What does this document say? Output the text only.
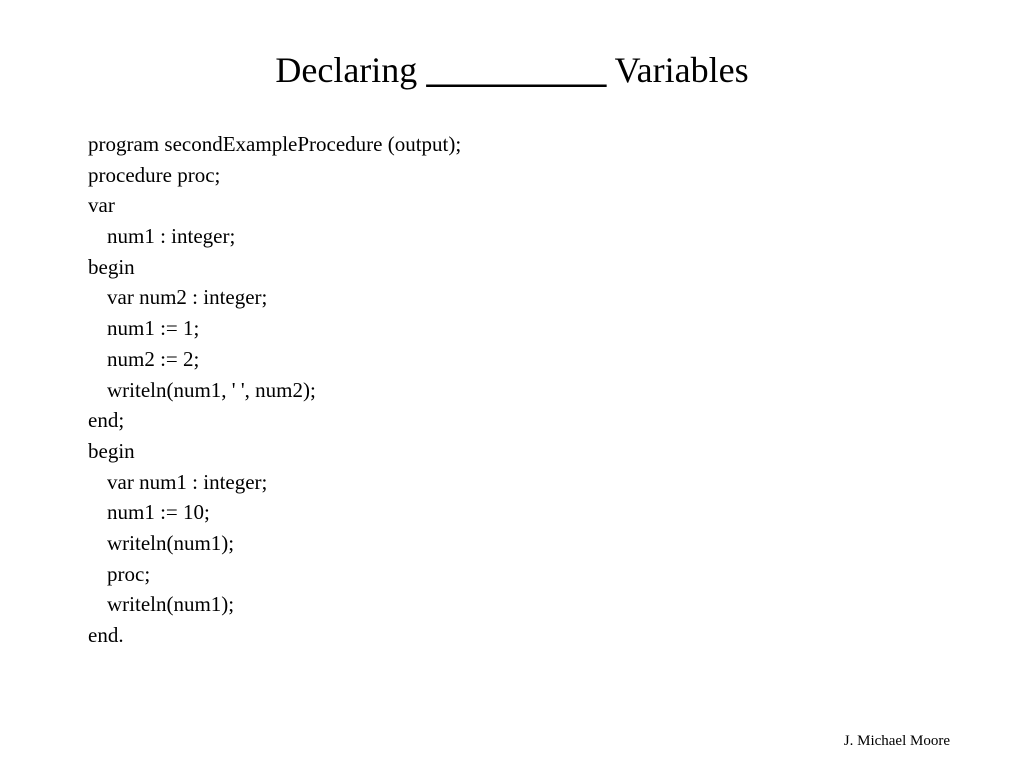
Declaring __________ Variables
program secondExampleProcedure (output);
procedure proc;
var
num1 : integer;
begin
var num2 : integer;
num1 := 1;
num2 := 2;
writeln(num1, ' ', num2);
end;
begin
var num1 : integer;
num1 := 10;
writeln(num1);
proc;
writeln(num1);
end.
J. Michael Moore
